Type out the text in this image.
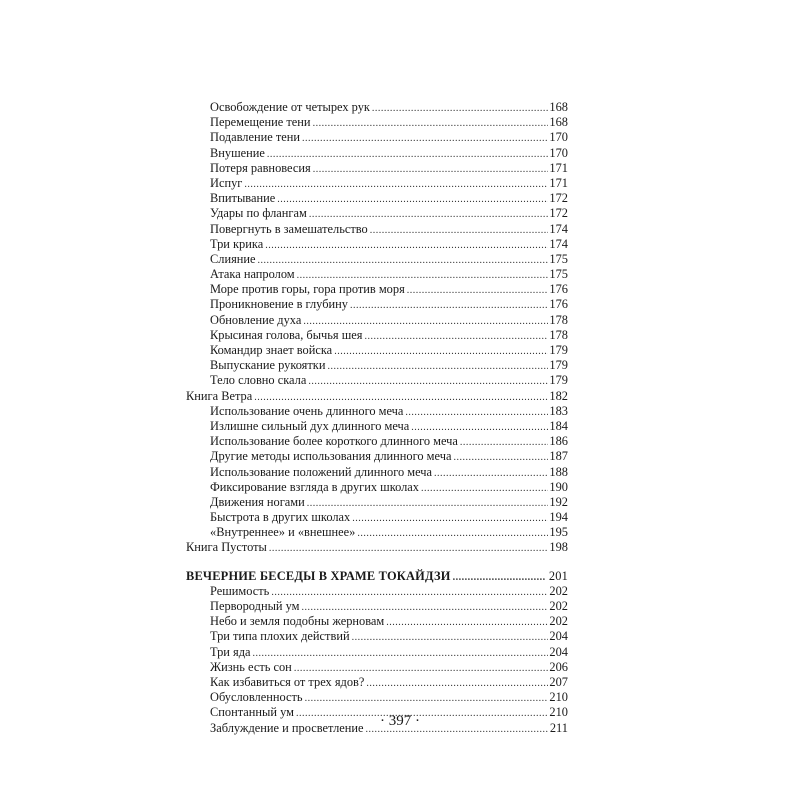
Освобождение от четырех рук .....	168
Перемещение тени .....	168
Подавление тени .....	170
Внушение .....	170
Потеря равновесия .....	171
Испуг .....	171
Впитывание .....	172
Удары по флангам .....	172
Повергнуть в замешательство .....	174
Три крика .....	174
Слияние .....	175
Атака напролом .....	175
Море против горы, гора против моря .....	176
Проникновение в глубину .....	176
Обновление духа .....	178
Крысиная голова, бычья шея .....	178
Командир знает войска .....	179
Выпускание рукоятки .....	179
Тело словно скала .....	179
Книга Ветра .....	182
Использование очень длинного меча .....	183
Излишне сильный дух длинного меча .....	184
Использование более короткого длинного меча .....	186
Другие методы использования длинного меча .....	187
Использование положений длинного меча .....	188
Фиксирование взгляда в других школах .....	190
Движения ногами .....	192
Быстрота в других школах .....	194
«Внутреннее» и «внешнее» .....	195
Книга Пустоты .....	198
ВЕЧЕРНИЕ БЕСЕДЫ В ХРАМЕ ТОКАЙДЗИ .....	201
Решимость .....	202
Первородный ум .....	202
Небо и земля подобны жерновам .....	202
Три типа плохих действий .....	204
Три яда .....	204
Жизнь есть сон .....	206
Как избавиться от трех ядов? .....	207
Обусловленность .....	210
Спонтанный ум .....	210
Заблуждение и просветление .....	211
· 397 ·
